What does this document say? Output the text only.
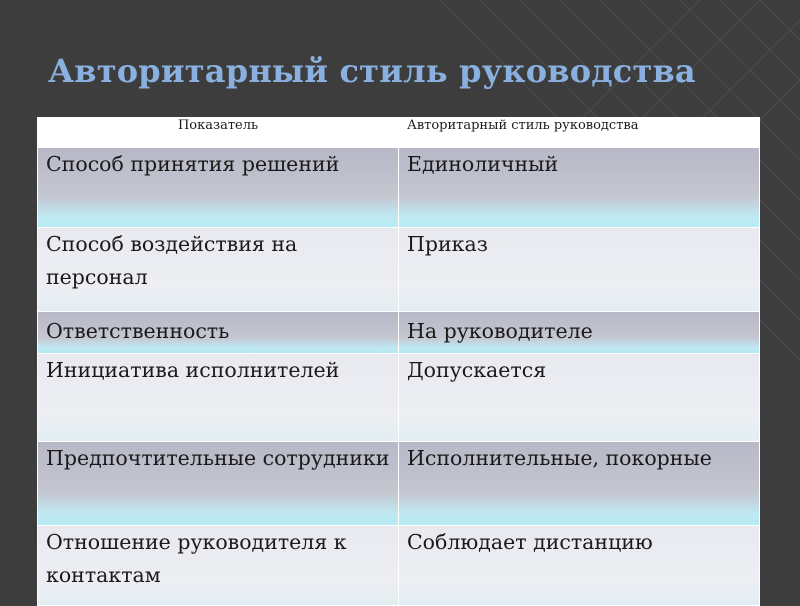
Авторитарный стиль руководства
Показатель	Авторитарный стиль руководства
Способ принятия решений	Единоличный
Способ воздействия на персонал	Приказ
Ответственность	На руководителе
Инициатива исполнителей	Допускается
Предпочтительные сотрудники	Исполнительные, покорные
Отношение руководителя к контактам	Соблюдает дистанцию
